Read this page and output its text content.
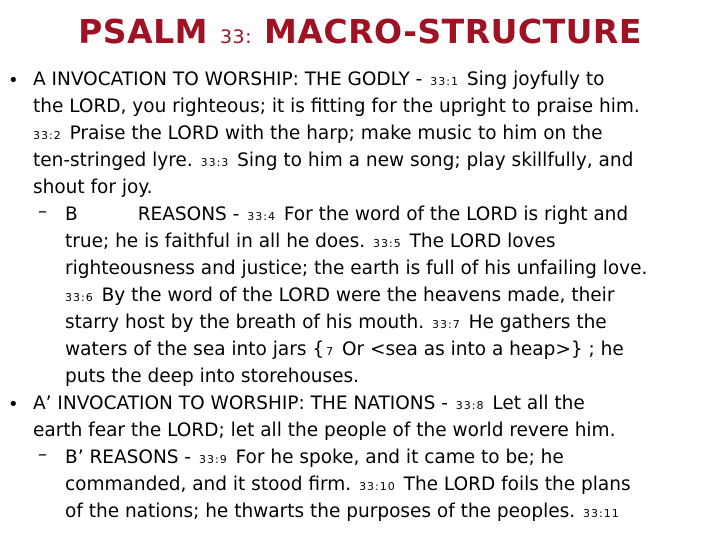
PSALM 33: MACRO-STRUCTURE
• A INVOCATION TO WORSHIP: THE GODLY - 33:1 Sing joyfully to
the LORD, you righteous; it is fitting for the upright to praise him.
33:2 Praise the LORD with the harp; make music to him on the
ten-stringed lyre. 33:3 Sing to him a new song; play skillfully, and
shout for joy.
– B	REASONS - 33:4 For the word of the LORD is right and
true; he is faithful in all he does. 33:5 The LORD loves
righteousness and justice; the earth is full of his unfailing love.
33:6 By the word of the LORD were the heavens made, their
starry host by the breath of his mouth. 33:7 He gathers the
waters of the sea into jars { 7 Or <sea as into a heap>} ; he
puts the deep into storehouses.
• A’ INVOCATION TO WORSHIP: THE NATIONS - 33:8 Let all the
earth fear the LORD; let all the people of the world revere him.
– B’ REASONS - 33:9 For he spoke, and it came to be; he
commanded, and it stood firm. 33:10 The LORD foils the plans
of the nations; he thwarts the purposes of the peoples. 33:11
